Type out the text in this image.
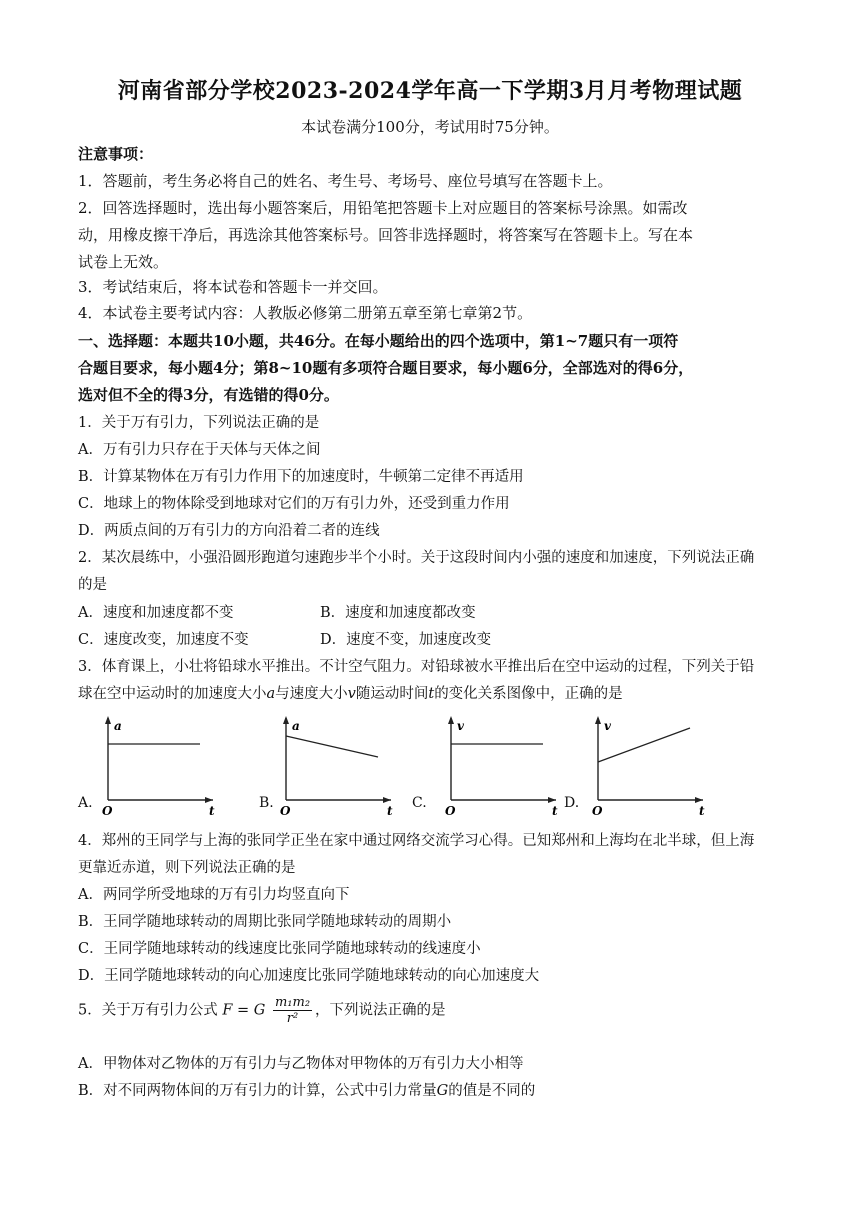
河南省部分学校2023-2024学年高一下学期3月月考物理试题
本试卷满分100分，考试用时75分钟。
注意事项：
1．答题前，考生务必将自己的姓名、考生号、考场号、座位号填写在答题卡上。
2．回答选择题时，选出每小题答案后，用铅笔把答题卡上对应题目的答案标号涂黑。如需改
动，用橡皮擦干净后，再选涂其他答案标号。回答非选择题时，将答案写在答题卡上。写在本
试卷上无效。
3．考试结束后，将本试卷和答题卡一并交回。
4．本试卷主要考试内容：人教版必修第二册第五章至第七章第2节。
一、选择题：本题共10小题，共46分。在每小题给出的四个选项中，第1~7题只有一项符
合题目要求，每小题4分；第8~10题有多项符合题目要求，每小题6分，全部选对的得6分，
选对但不全的得3分，有选错的得0分。
1．关于万有引力，下列说法正确的是
A．万有引力只存在于天体与天体之间
B．计算某物体在万有引力作用下的加速度时，牛顿第二定律不再适用
C．地球上的物体除受到地球对它们的万有引力外，还受到重力作用
D．两质点间的万有引力的方向沿着二者的连线
2．某次晨练中，小强沿圆形跑道匀速跑步半个小时。关于这段时间内小强的速度和加速度，下列说法正确
的是
A．速度和加速度都不变	B．速度和加速度都改变
C．速度改变，加速度不变	D．速度不变，加速度改变
3．体育课上，小壮将铅球水平推出。不计空气阻力。对铅球被水平推出后在空中运动的过程，下列关于铅
球在空中运动时的加速度大小a与速度大小v随运动时间t的变化关系图像中，正确的是
A.	B.	C.	D.
a
t
O
a
t
O
v
t
O
v
t
O
4．郑州的王同学与上海的张同学正坐在家中通过网络交流学习心得。已知郑州和上海均在北半球，但上海
更靠近赤道，则下列说法正确的是
A．两同学所受地球的万有引力均竖直向下
B．王同学随地球转动的周期比张同学随地球转动的周期小
C．王同学随地球转动的线速度比张同学随地球转动的线速度小
D．王同学随地球转动的向心加速度比张同学随地球转动的向心加速度大
5．关于万有引力公式 F = G $\frac{\text{m₁m₂}}{\text{r²}}$ ，下列说法正确的是
A．甲物体对乙物体的万有引力与乙物体对甲物体的万有引力大小相等
B．对不同两物体间的万有引力的计算，公式中引力常量G的值是不同的
